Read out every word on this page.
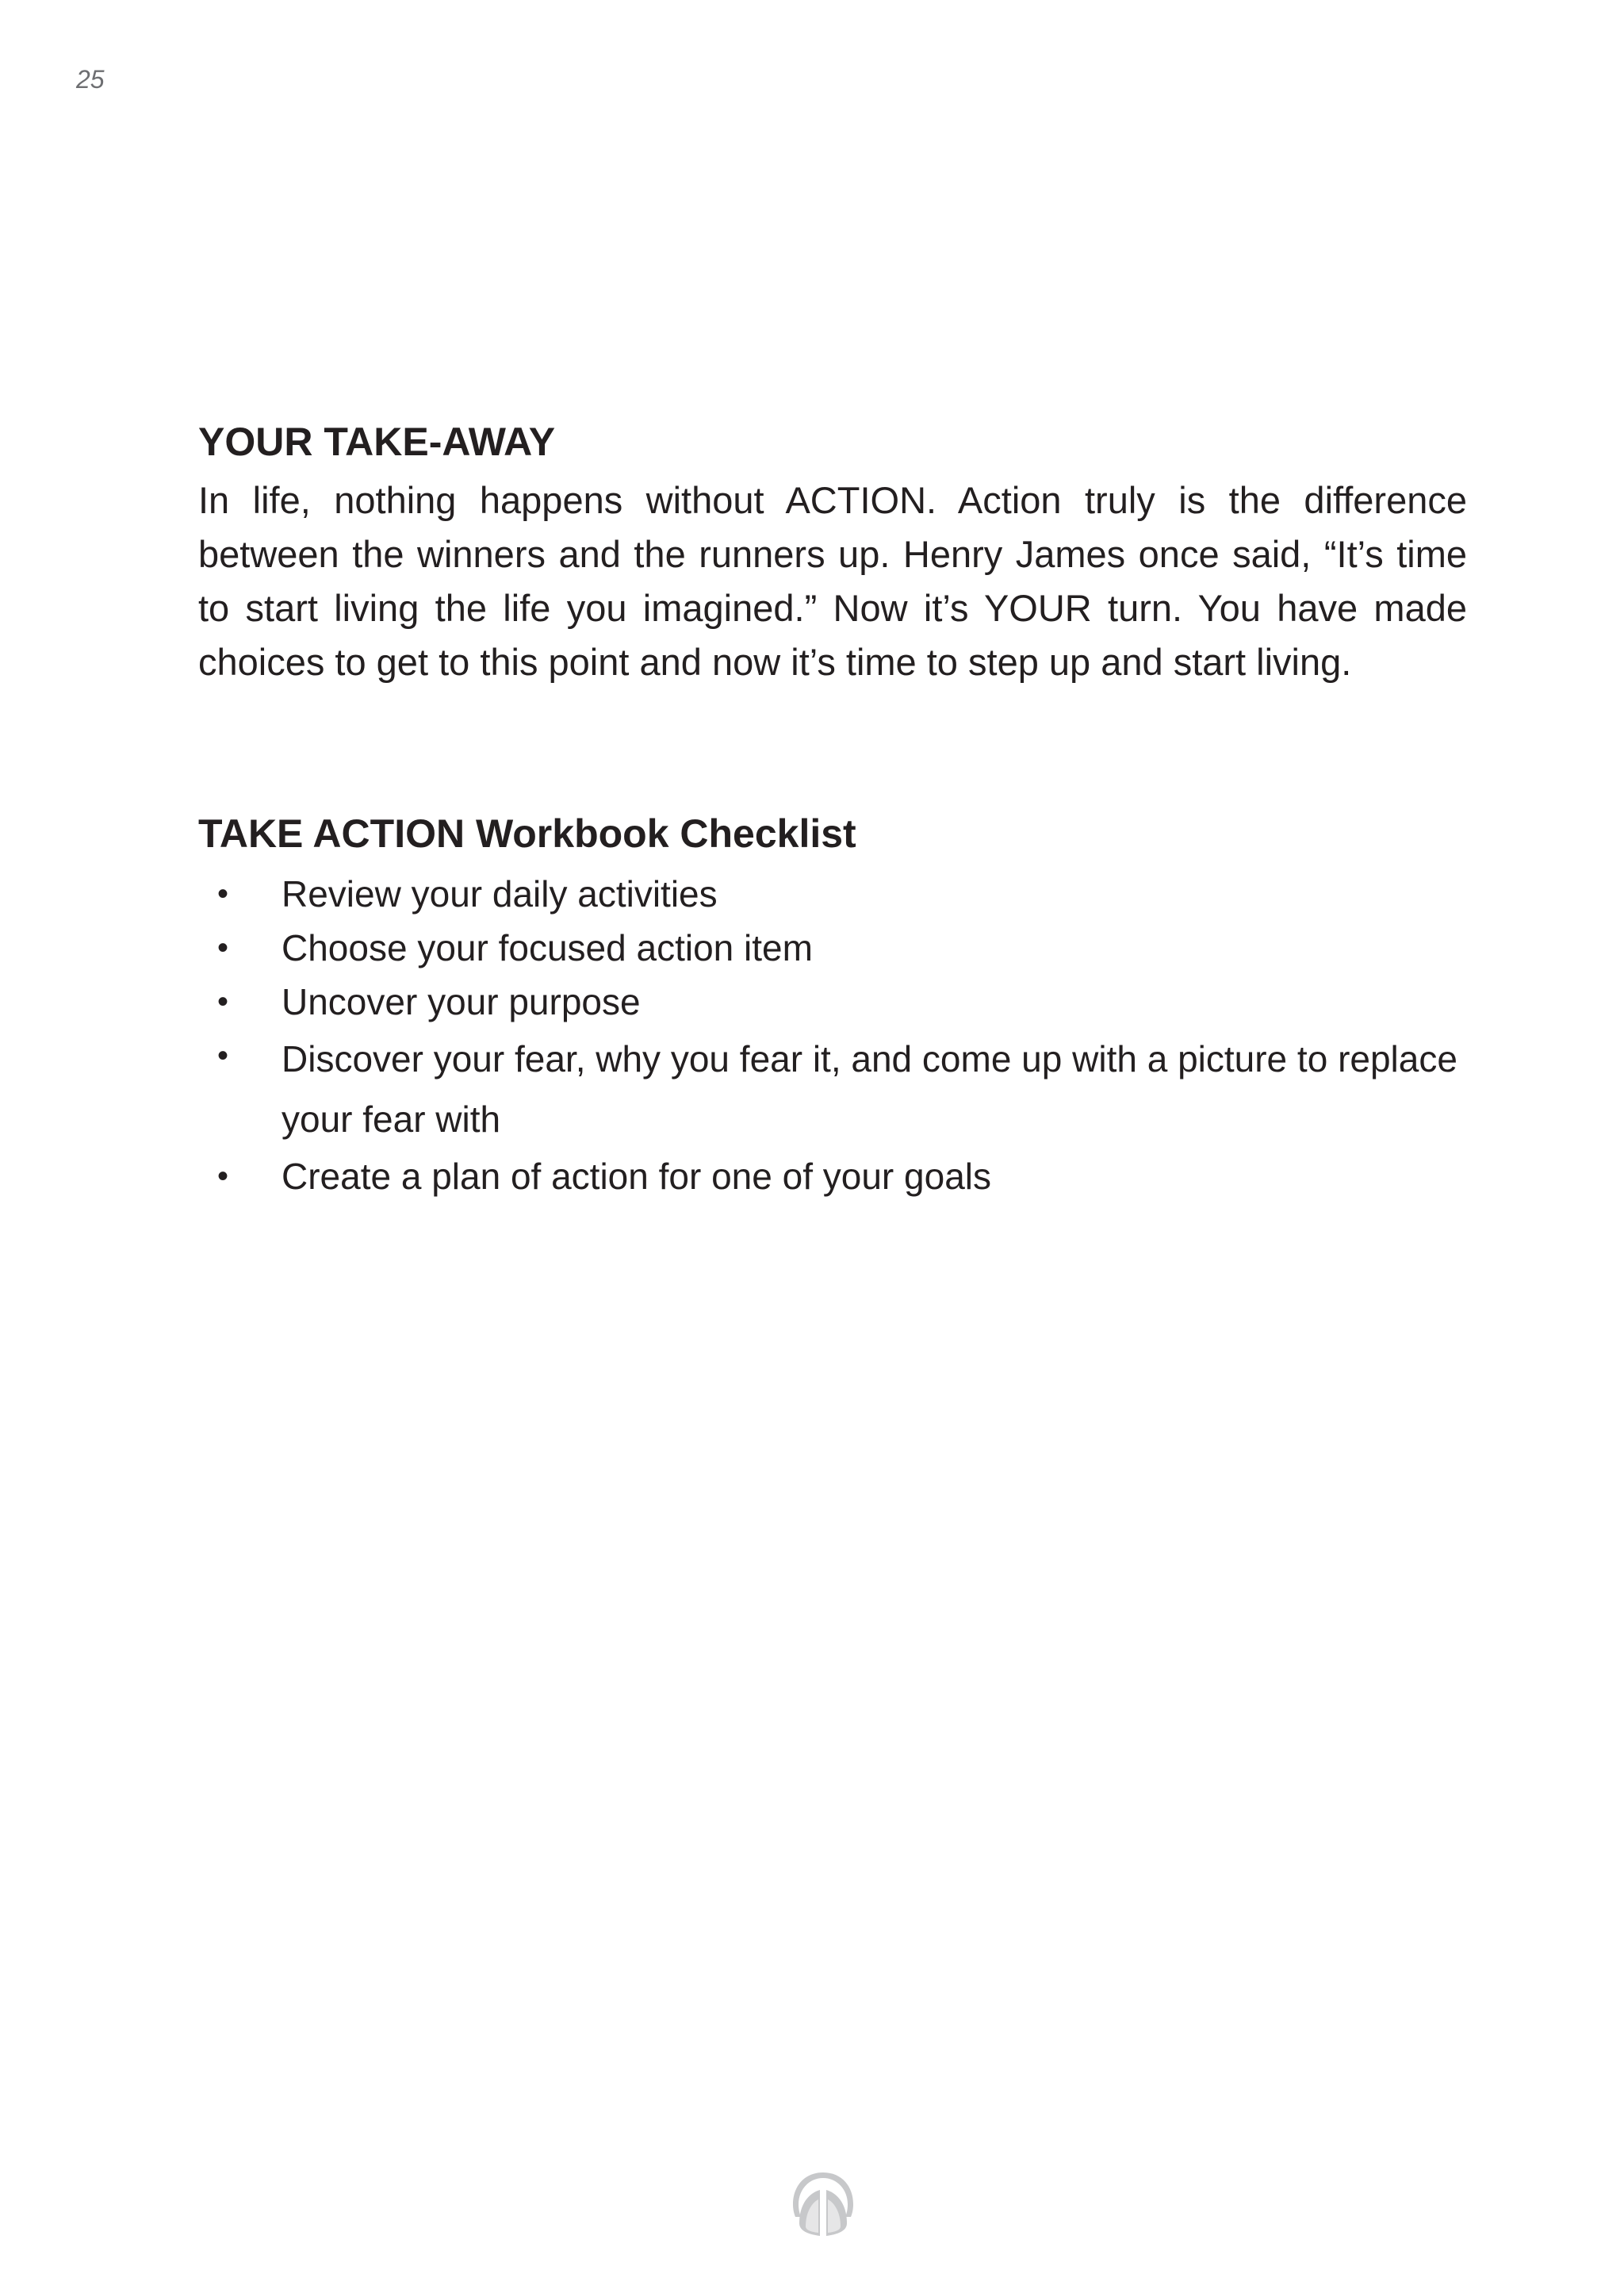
25

YOUR TAKE-AWAY

In life, nothing happens without ACTION. Action truly is the difference between the winners and the runners up. Henry James once said, “It’s time to start living the life you imagined.” Now it’s YOUR turn. You have made choices to get to this point and now it’s time to step up and start living.

TAKE ACTION Workbook Checklist
• Review your daily activities
• Choose your focused action item
• Uncover your purpose
• Discover your fear, why you fear it, and come up with a picture to replace your fear with
• Create a plan of action for one of your goals
